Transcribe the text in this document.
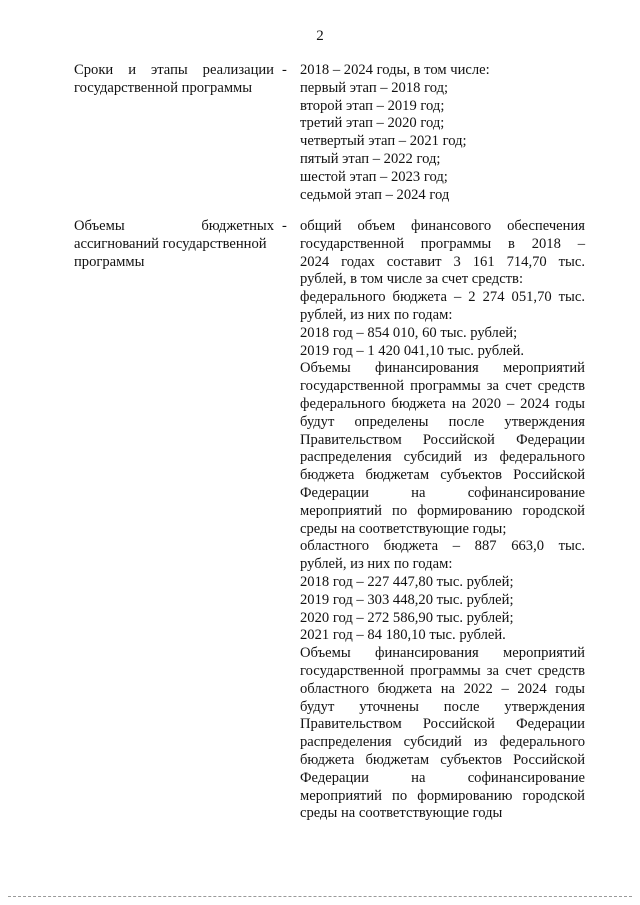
2
Сроки и этапы реализации
государственной программы
- 2018 – 2024 годы, в том числе:
первый этап – 2018 год;
второй этап – 2019 год;
третий этап – 2020 год;
четвертый этап – 2021 год;
пятый этап – 2022 год;
шестой этап – 2023 год;
седьмой этап – 2024 год
Объемы бюджетных
ассигнований государственной
программы
- общий объем финансового обеспечения
государственной программы в 2018 –
2024 годах составит 3 161 714,70 тыс.
рублей, в том числе за счет средств:
федерального бюджета – 2 274 051,70 тыс.
рублей, из них по годам:
2018 год – 854 010, 60 тыс. рублей;
2019 год – 1 420 041,10 тыс. рублей.
Объемы финансирования мероприятий
государственной программы за счет средств
федерального бюджета на 2020 – 2024 годы
будут определены после утверждения
Правительством Российской Федерации
распределения субсидий из федерального
бюджета бюджетам субъектов Российской
Федерации на софинансирование
мероприятий по формированию городской
среды на соответствующие годы;
областного бюджета – 887 663,0 тыс.
рублей, из них по годам:
2018 год – 227 447,80 тыс. рублей;
2019 год – 303 448,20 тыс. рублей;
2020 год – 272 586,90 тыс. рублей;
2021 год – 84 180,10 тыс. рублей.
Объемы финансирования мероприятий
государственной программы за счет средств
областного бюджета на 2022 – 2024 годы
будут уточнены после утверждения
Правительством Российской Федерации
распределения субсидий из федерального
бюджета бюджетам субъектов Российской
Федерации на софинансирование
мероприятий по формированию городской
среды на соответствующие годы
